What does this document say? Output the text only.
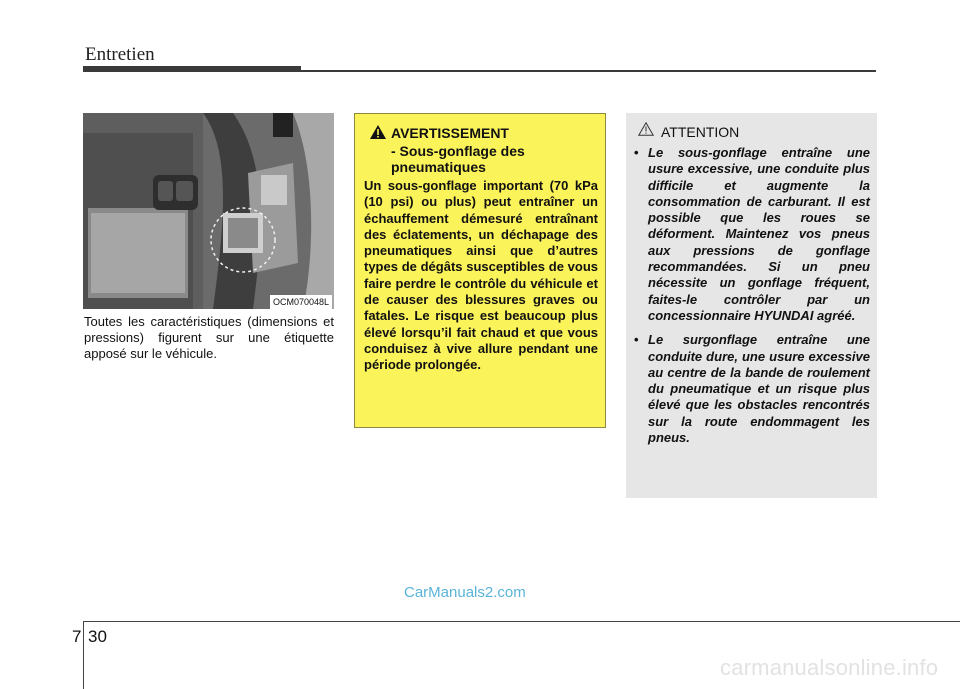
Entretien
OCM070048L
Toutes les caractéristiques (dimensions et pressions) figurent sur une étiquette apposé sur le véhicule.
AVERTISSEMENT
- Sous-gonflage des pneumatiques
Un sous-gonflage important (70 kPa (10 psi) ou plus) peut entraîner un échauffement démesuré entraînant des éclatements, un déchapage des pneumatiques ainsi que d’autres types de dégâts susceptibles de vous faire perdre le contrôle du véhicule et de causer des blessures graves ou fatales. Le risque est beaucoup plus élevé lorsqu’il fait chaud et que vous conduisez à vive allure pendant une période prolongée.
ATTENTION
• Le sous-gonflage entraîne une usure excessive, une conduite plus difficile et augmente la consommation de carburant. Il est possible que les roues se déforment. Maintenez vos pneus aux pressions de gonflage recommandées. Si un pneu nécessite un gonflage fréquent, faites-le contrôler par un concessionnaire HYUNDAI agréé.
• Le surgonflage entraîne une conduite dure, une usure excessive au centre de la bande de roulement du pneumatique et un risque plus élevé que les obstacles rencontrés sur la route endommagent les pneus.
CarManuals2.com
7 30
carmanualsonline.info
